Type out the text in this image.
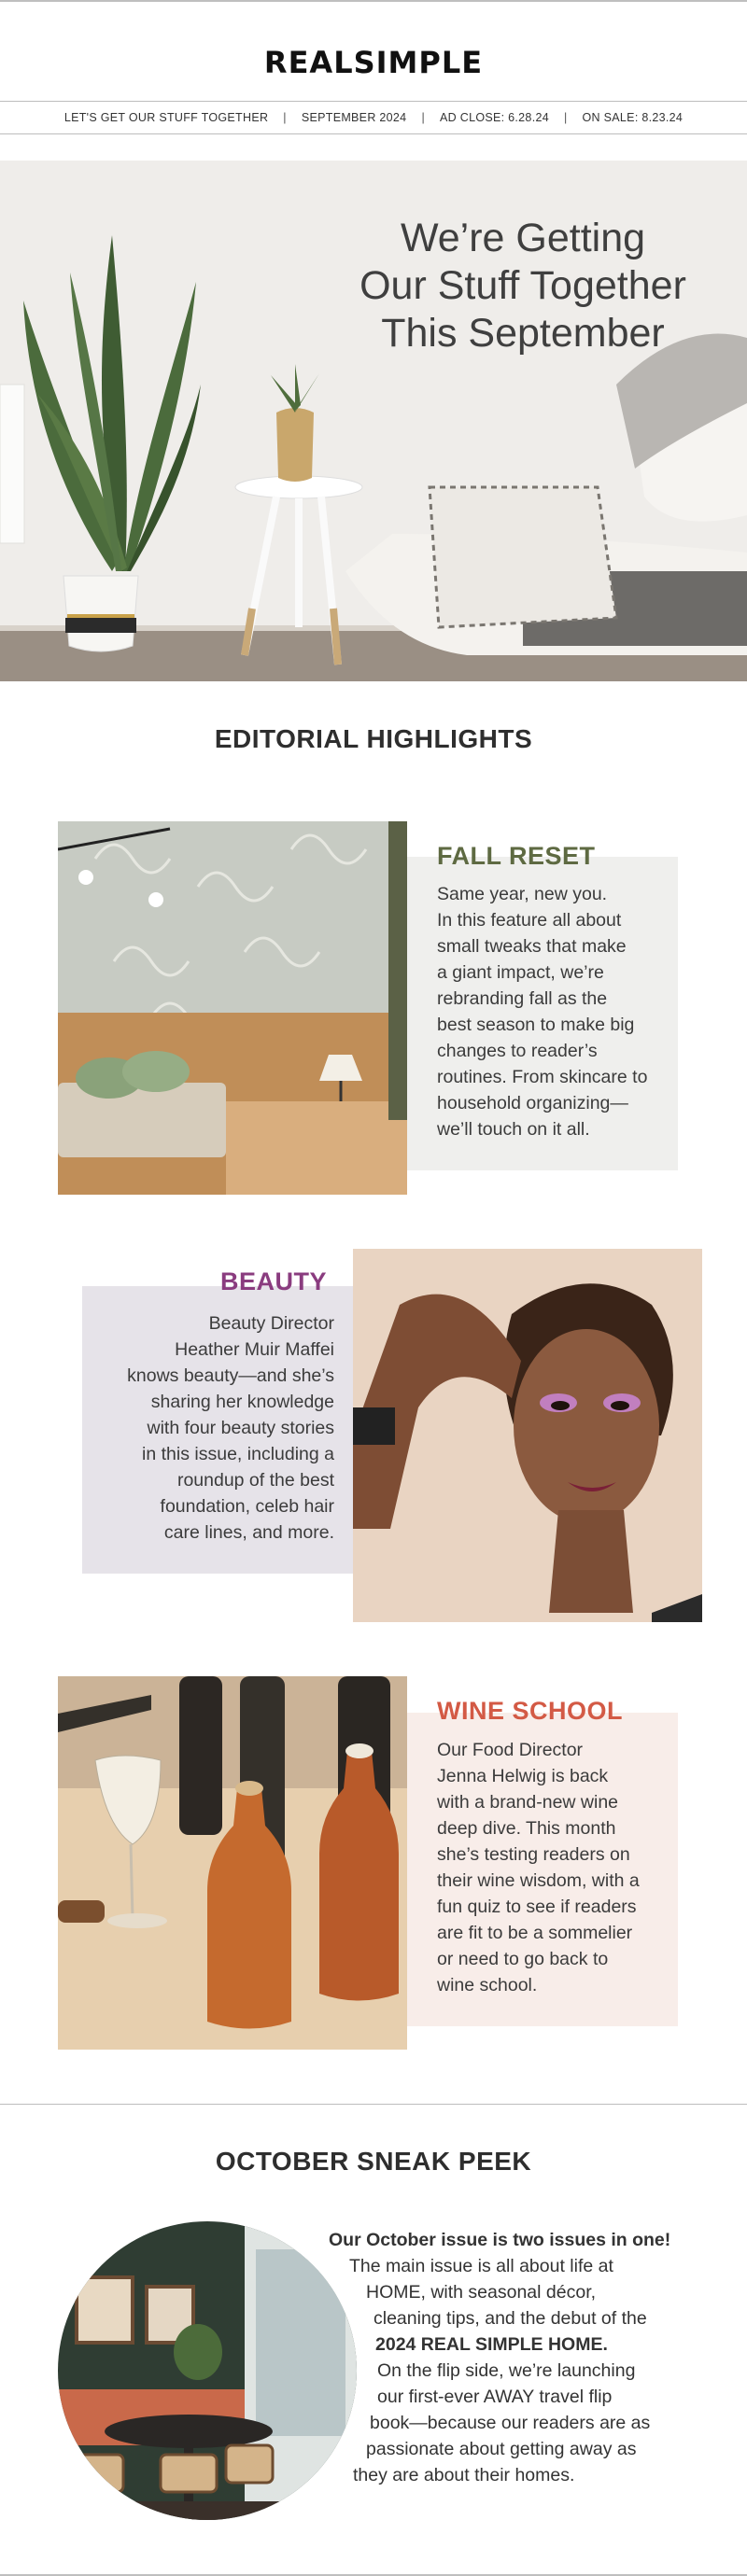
REALSIMPLE
LET'S GET OUR STUFF TOGETHER | SEPTEMBER 2024 | AD CLOSE: 6.28.24 | ON SALE: 8.23.24
We’re Getting
Our Stuff Together
This September
EDITORIAL HIGHLIGHTS
Same year, new you.
In this feature all about
small tweaks that make
a giant impact, we’re
rebranding fall as the
best season to make big
changes to reader’s
routines. From skincare to
household organizing—
we’ll touch on it all.
FALL RESET
Beauty Director
Heather Muir Maffei
knows beauty—and she’s
sharing her knowledge
with four beauty stories
in this issue, including a
roundup of the best
foundation, celeb hair
care lines, and more.
BEAUTY
Our Food Director
Jenna Helwig is back
with a brand-new wine
deep dive. This month
she’s testing readers on
their wine wisdom, with a
fun quiz to see if readers
are fit to be a sommelier
or need to go back to
wine school.
WINE SCHOOL
OCTOBER SNEAK PEEK
Our October issue is two issues in one!
The main issue is all about life at
HOME, with seasonal décor,
cleaning tips, and the debut of the
2024 REAL SIMPLE HOME.
On the flip side, we’re launching
our first-ever AWAY travel flip
book—because our readers are as
passionate about getting away as
they are about their homes.
